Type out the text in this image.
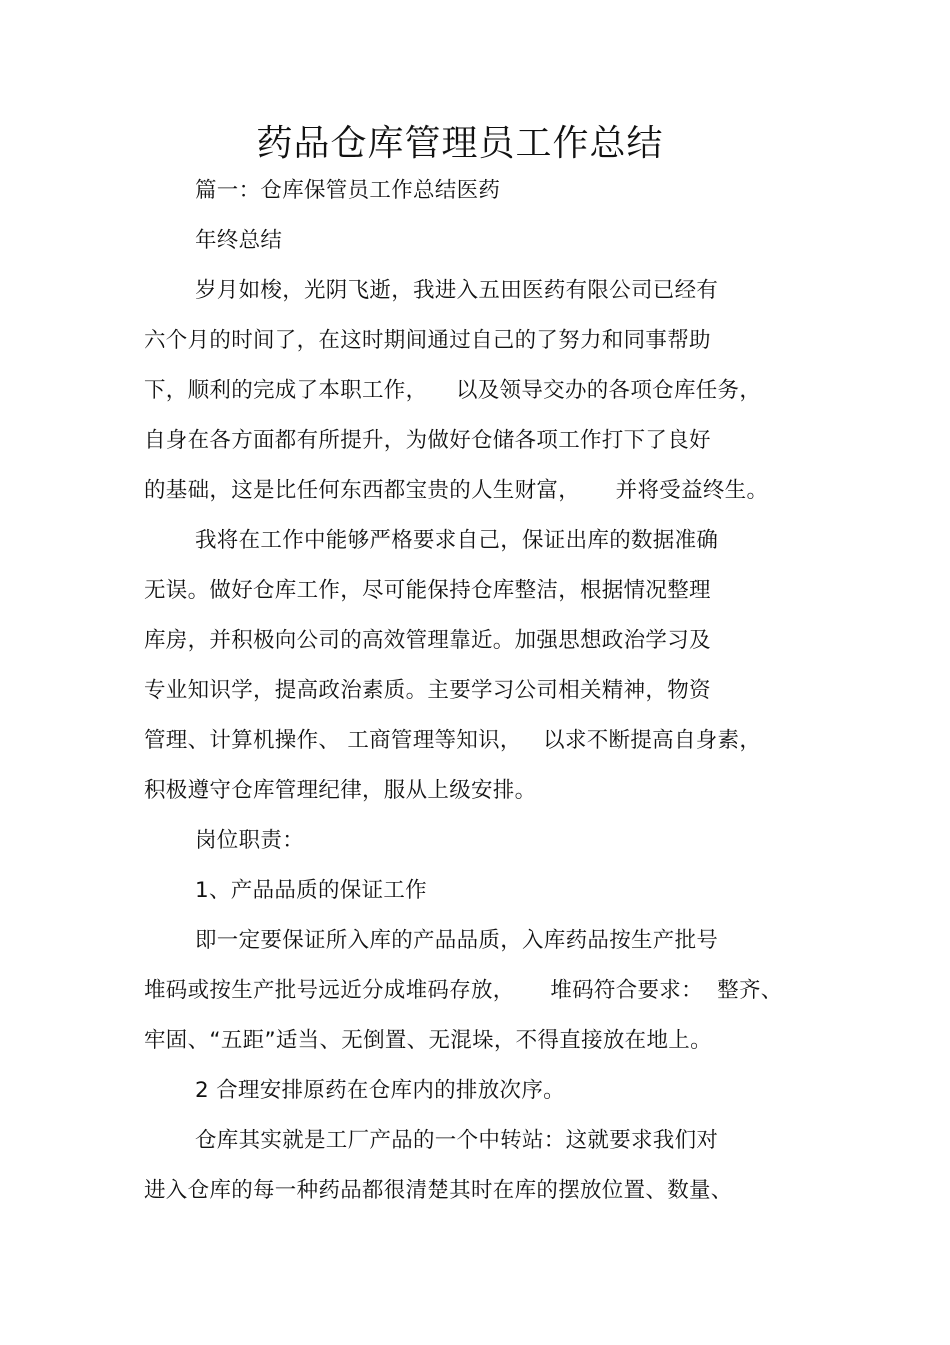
药品仓库管理员工作总结
篇一：仓库保管员工作总结医药
年终总结
岁月如梭，光阴飞逝，我进入五田医药有限公司已经有
六个月的时间了，在这时期间通过自己的了努力和同事帮助
下，顺利的完成了本职工作，    以及领导交办的各项仓库任务，
自身在各方面都有所提升，为做好仓储各项工作打下了良好
的基础，这是比任何东西都宝贵的人生财富，     并将受益终生。
我将在工作中能够严格要求自己，保证出库的数据准确
无误。做好仓库工作，尽可能保持仓库整洁，根据情况整理
库房，并积极向公司的高效管理靠近。加强思想政治学习及
专业知识学，提高政治素质。主要学习公司相关精神，物资
管理、计算机操作、 工商管理等知识，   以求不断提高自身素，
积极遵守仓库管理纪律，服从上级安排。
岗位职责：
1、产品品质的保证工作
即一定要保证所入库的产品品质，入库药品按生产批号
堆码或按生产批号远近分成堆码存放，     堆码符合要求：  整齐、
牢固、“五距”适当、无倒置、无混垛，不得直接放在地上。
2 合理安排原药在仓库内的排放次序。
仓库其实就是工厂产品的一个中转站：这就要求我们对
进入仓库的每一种药品都很清楚其时在库的摆放位置、数量、
